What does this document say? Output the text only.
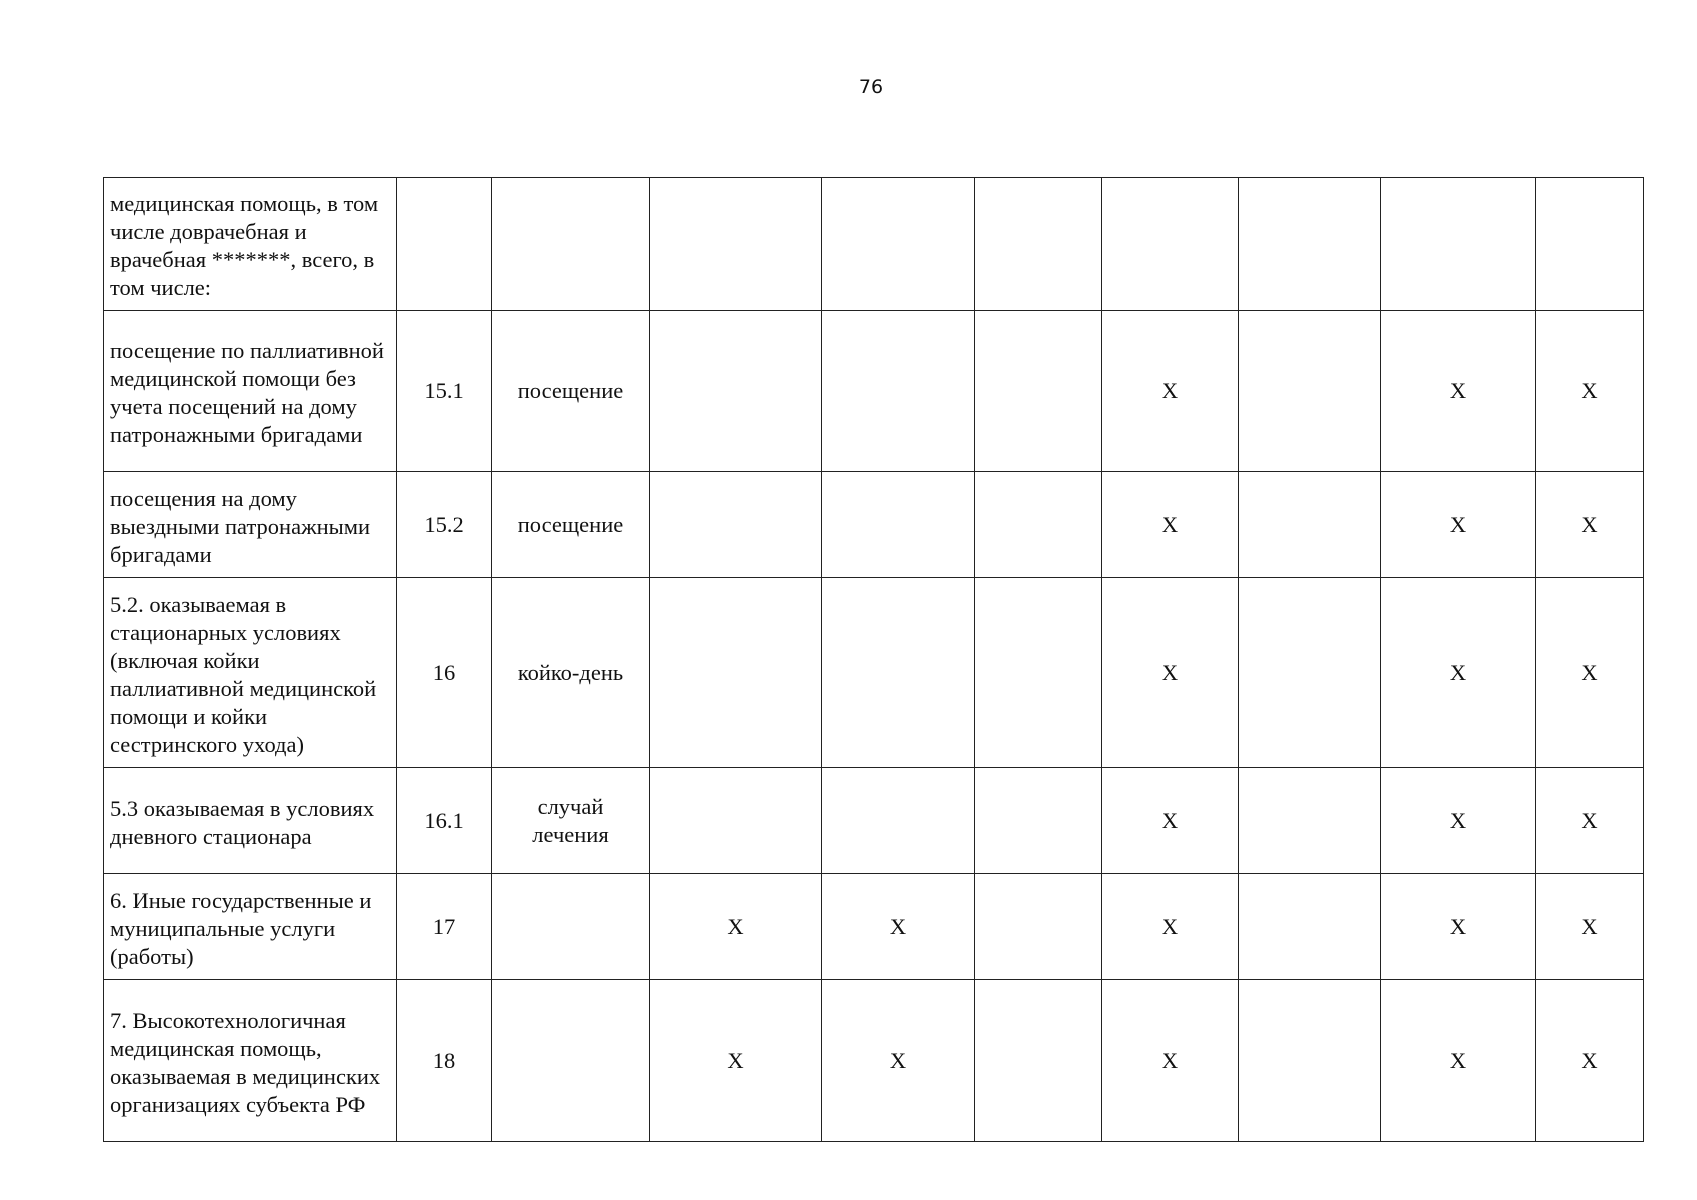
76
медицинская помощь, в том числе доврачебная и врачебная *******, всего, в том числе:									
посещение по паллиативной медицинской помощи без учета посещений на дому патронажными бригадами	15.1	посещение				Х		Х	Х
посещения на дому выездными патронажными бригадами	15.2	посещение				Х		Х	Х
5.2. оказываемая в стационарных условиях (включая койки паллиативной медицинской помощи и койки сестринского ухода)	16	койко-день				Х		Х	Х
5.3 оказываемая в условиях дневного стационара	16.1	случай лечения				Х		Х	Х
6. Иные государственные и муниципальные услуги (работы)	17		Х	Х		Х		Х	Х
7. Высокотехнологичная медицинская помощь, оказываемая в медицинских организациях субъекта РФ	18		Х	Х		Х		Х	Х
